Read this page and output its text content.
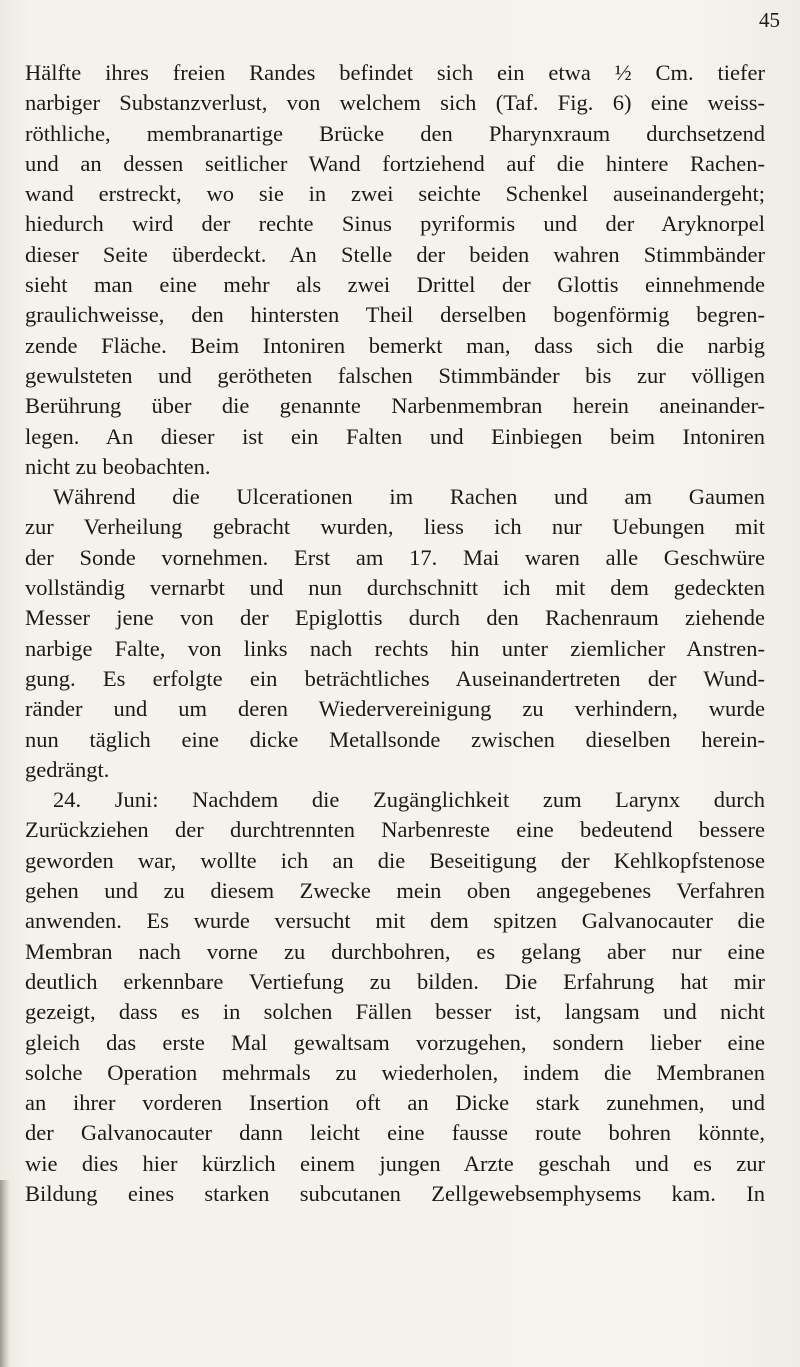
45
Hälfte ihres freien Randes befindet sich ein etwa ½ Cm. tiefer
narbiger Substanzverlust, von welchem sich (Taf. Fig. 6) eine weiss-
röthliche, membranartige Brücke den Pharynxraum durchsetzend
und an dessen seitlicher Wand fortziehend auf die hintere Rachen-
wand erstreckt, wo sie in zwei seichte Schenkel auseinandergeht;
hiedurch wird der rechte Sinus pyriformis und der Aryknorpel
dieser Seite überdeckt. An Stelle der beiden wahren Stimmbänder
sieht man eine mehr als zwei Drittel der Glottis einnehmende
graulichweisse, den hintersten Theil derselben bogenförmig begren-
zende Fläche. Beim Intoniren bemerkt man, dass sich die narbig
gewulsteten und gerötheten falschen Stimmbänder bis zur völligen
Berührung über die genannte Narbenmembran herein aneinander-
legen. An dieser ist ein Falten und Einbiegen beim Intoniren
nicht zu beobachten.
Während die Ulcerationen im Rachen und am Gaumen
zur Verheilung gebracht wurden, liess ich nur Uebungen mit
der Sonde vornehmen. Erst am 17. Mai waren alle Geschwüre
vollständig vernarbt und nun durchschnitt ich mit dem gedeckten
Messer jene von der Epiglottis durch den Rachenraum ziehende
narbige Falte, von links nach rechts hin unter ziemlicher Anstren-
gung. Es erfolgte ein beträchtliches Auseinandertreten der Wund-
ränder und um deren Wiedervereinigung zu verhindern, wurde
nun täglich eine dicke Metallsonde zwischen dieselben herein-
gedrängt.
24. Juni: Nachdem die Zugänglichkeit zum Larynx durch
Zurückziehen der durchtrennten Narbenreste eine bedeutend bessere
geworden war, wollte ich an die Beseitigung der Kehlkopfstenose
gehen und zu diesem Zwecke mein oben angegebenes Verfahren
anwenden. Es wurde versucht mit dem spitzen Galvanocauter die
Membran nach vorne zu durchbohren, es gelang aber nur eine
deutlich erkennbare Vertiefung zu bilden. Die Erfahrung hat mir
gezeigt, dass es in solchen Fällen besser ist, langsam und nicht
gleich das erste Mal gewaltsam vorzugehen, sondern lieber eine
solche Operation mehrmals zu wiederholen, indem die Membranen
an ihrer vorderen Insertion oft an Dicke stark zunehmen, und
der Galvanocauter dann leicht eine fausse route bohren könnte,
wie dies hier kürzlich einem jungen Arzte geschah und es zur
Bildung eines starken subcutanen Zellgewebsemphysems kam. In
